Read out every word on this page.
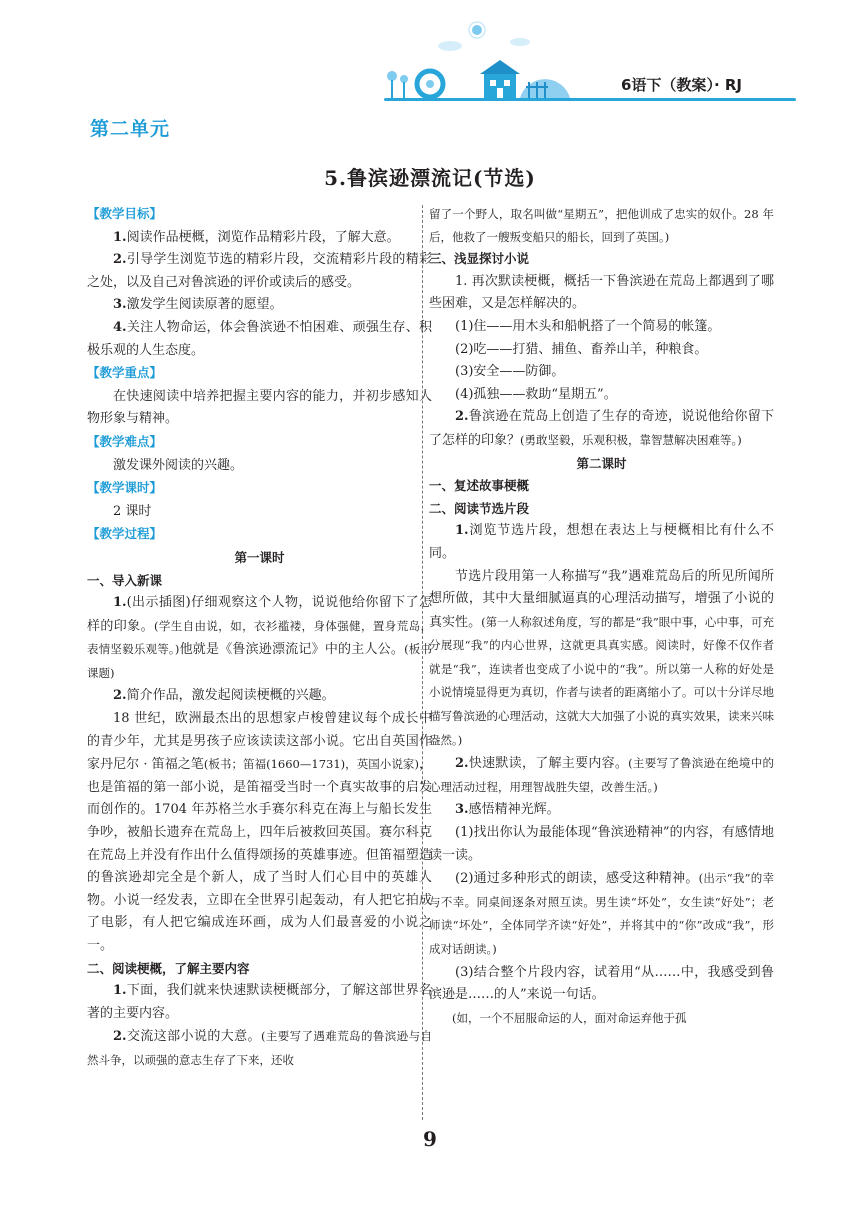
6语下（教案）· RJ
第二单元
5.鲁滨逊漂流记(节选)

【教学目标】

1.阅读作品梗概，浏览作品精彩片段，了解大意。

2.引导学生浏览节选的精彩片段，交流精彩片段的精彩之处，以及自己对鲁滨逊的评价或读后的感受。

3.激发学生阅读原著的愿望。

4.关注人物命运，体会鲁滨逊不怕困难、顽强生存、积极乐观的人生态度。

【教学重点】

在快速阅读中培养把握主要内容的能力，并初步感知人物形象与精神。

【教学难点】

激发课外阅读的兴趣。

【教学课时】

2 课时

【教学过程】

第一课时

一、导入新课

1.(出示插图)仔细观察这个人物，说说他给你留下了怎样的印象。(学生自由说，如，衣衫褴褛，身体强健，置身荒岛，表情坚毅乐观等。)他就是《鲁滨逊漂流记》中的主人公。(板书课题)

2.简介作品，激发起阅读梗概的兴趣。

18 世纪，欧洲最杰出的思想家卢梭曾建议每个成长中的青少年，尤其是男孩子应该读读这部小说。它出自英国作家丹尼尔 · 笛福之笔(板书；笛福(1660—1731)，英国小说家)，也是笛福的第一部小说，是笛福受当时一个真实故事的启发而创作的。1704 年苏格兰水手赛尔科克在海上与船长发生争吵，被船长遗弃在荒岛上，四年后被救回英国。赛尔科克在荒岛上并没有作出什么值得颂扬的英雄事迹。但笛福塑造的鲁滨逊却完全是个新人，成了当时人们心目中的英雄人物。小说一经发表，立即在全世界引起轰动，有人把它拍成了电影，有人把它编成连环画，成为人们最喜爱的小说之一。

二、阅读梗概，了解主要内容

1.下面，我们就来快速默读梗概部分，了解这部世界名著的主要内容。

2.交流这部小说的大意。(主要写了遇难荒岛的鲁滨逊与自然斗争，以顽强的意志生存了下来，还收

留了一个野人，取名叫做“星期五”，把他训成了忠实的奴仆。28 年后，他救了一艘叛变船只的船长，回到了英国。)

三、浅显探讨小说

1. 再次默读梗概，概括一下鲁滨逊在荒岛上都遇到了哪些困难，又是怎样解决的。

(1)住——用木头和船帆搭了一个简易的帐篷。

(2)吃——打猎、捕鱼、畜养山羊，种粮食。

(3)安全——防御。

(4)孤独——救助“星期五”。

2.鲁滨逊在荒岛上创造了生存的奇迹，说说他给你留下了怎样的印象？(勇敢坚毅，乐观积极，靠智慧解决困难等。)

第二课时

一、复述故事梗概

二、阅读节选片段

1.浏览节选片段，想想在表达上与梗概相比有什么不同。

节选片段用第一人称描写“我”遇难荒岛后的所见所闻所想所做，其中大量细腻逼真的心理活动描写，增强了小说的真实性。(第一人称叙述角度，写的都是“我”眼中事，心中事，可充分展现“我”的内心世界，这就更具真实感。阅读时，好像不仅作者就是“我”，连读者也变成了小说中的“我”。所以第一人称的好处是小说情境显得更为真切，作者与读者的距离缩小了。可以十分详尽地描写鲁滨逊的心理活动，这就大大加强了小说的真实效果，读来兴味盎然。)

2.快速默读，了解主要内容。(主要写了鲁滨逊在绝境中的心理活动过程，用理智战胜失望，改善生活。)

3.感悟精神光辉。

(1)找出你认为最能体现“鲁滨逊精神”的内容，有感情地读一读。

(2)通过多种形式的朗读，感受这种精神。(出示“我”的幸与不幸。同桌间逐条对照互读。男生读“坏处”，女生读“好处”；老师读“坏处”，全体同学齐读“好处”，并将其中的“你”改成“我”，形成对话朗读。)

(3)结合整个片段内容，试着用“从……中，我感受到鲁滨逊是……的人”来说一句话。

(如，一个不屈服命运的人，面对命运弃他于孤

9
